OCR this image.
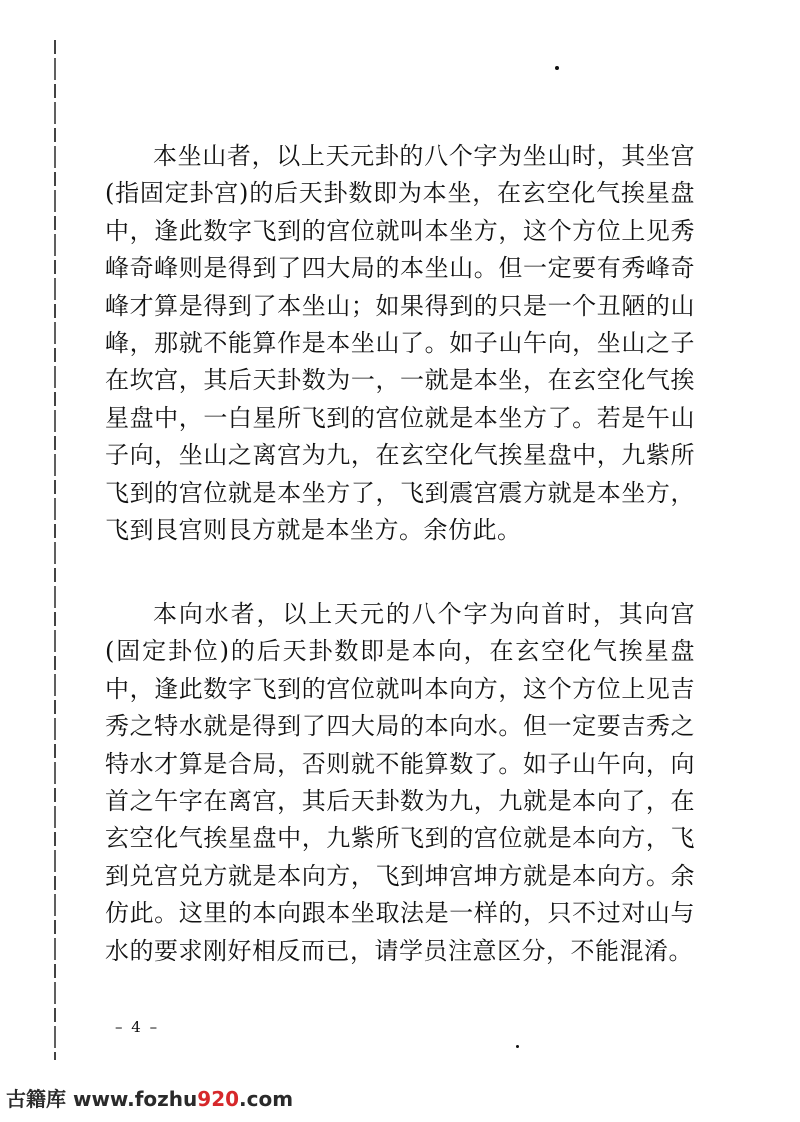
本坐山者，以上天元卦的八个字为坐山时，其坐宫(指固定卦宫)的后天卦数即为本坐，在玄空化气挨星盘中，逢此数字飞到的宫位就叫本坐方，这个方位上见秀峰奇峰则是得到了四大局的本坐山。但一定要有秀峰奇峰才算是得到了本坐山；如果得到的只是一个丑陋的山峰，那就不能算作是本坐山了。如子山午向，坐山之子在坎宫，其后天卦数为一，一就是本坐，在玄空化气挨星盘中，一白星所飞到的宫位就是本坐方了。若是午山子向，坐山之离宫为九，在玄空化气挨星盘中，九紫所飞到的宫位就是本坐方了，飞到震宫震方就是本坐方，飞到艮宫则艮方就是本坐方。余仿此。

本向水者，以上天元的八个字为向首时，其向宫(固定卦位)的后天卦数即是本向，在玄空化气挨星盘中，逢此数字飞到的宫位就叫本向方，这个方位上见吉秀之特水就是得到了四大局的本向水。但一定要吉秀之特水才算是合局，否则就不能算数了。如子山午向，向首之午字在离宫，其后天卦数为九，九就是本向了，在玄空化气挨星盘中，九紫所飞到的宫位就是本向方，飞到兑宫兑方就是本向方，飞到坤宫坤方就是本向方。余仿此。这里的本向跟本坐取法是一样的，只不过对山与水的要求刚好相反而已，请学员注意区分，不能混淆。

– 4 –
古籍库 www.fozhu920.com
